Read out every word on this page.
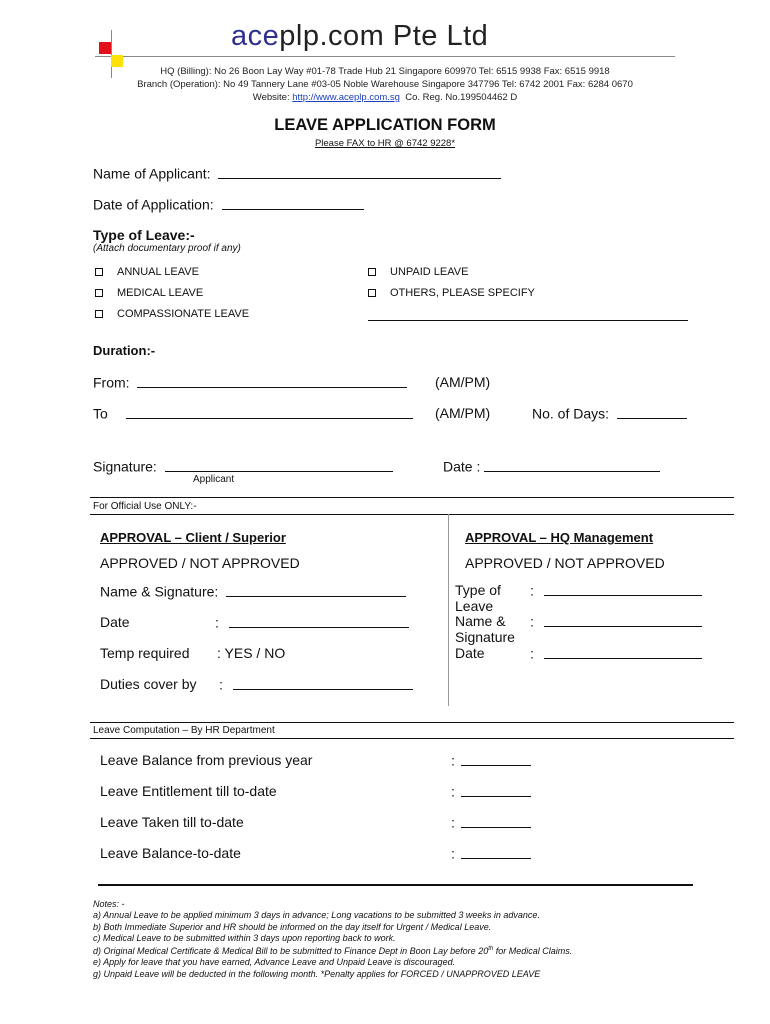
aceplp.com Pte Ltd
HQ (Billing): No 26 Boon Lay Way #01-78 Trade Hub 21 Singapore 609970 Tel: 6515 9938 Fax: 6515 9918
Branch (Operation): No 49 Tannery Lane #03-05 Noble Warehouse Singapore 347796 Tel: 6742 2001 Fax: 6284 0670
Website: http://www.aceplp.com.sg Co. Reg. No.199504462 D
LEAVE APPLICATION FORM
Please FAX to HR @ 6742 9228*
Name of Applicant:
Date of Application:
Type of Leave:-
(Attach documentary proof if any)
ANNUAL LEAVE
MEDICAL LEAVE
COMPASSIONATE LEAVE
UNPAID LEAVE
OTHERS, PLEASE SPECIFY
Duration:-
From:	(AM/PM)
To	(AM/PM)	No. of Days:
Signature:
Applicant
Date :
For Official Use ONLY:-
APPROVAL – Client / Superior
APPROVED / NOT APPROVED
Name & Signature:
Date	:
Temp required : YES / NO
Duties cover by :
APPROVAL – HQ Management
APPROVED / NOT APPROVED
Type of
Leave
:
Name &
Signature
:
Date	:
Leave Computation – By HR Department
Leave Balance from previous year	:
Leave Entitlement till to-date	:
Leave Taken till to-date	:
Leave Balance-to-date	:
Notes: -
a) Annual Leave to be applied minimum 3 days in advance; Long vacations to be submitted 3 weeks in advance.
b) Both Immediate Superior and HR should be informed on the day itself for Urgent / Medical Leave.
c) Medical Leave to be submitted within 3 days upon reporting back to work.
d) Original Medical Certificate & Medical Bill to be submitted to Finance Dept in Boon Lay before 20th for Medical Claims.
e) Apply for leave that you have earned, Advance Leave and Unpaid Leave is discouraged.
g) Unpaid Leave will be deducted in the following month. *Penalty applies for FORCED / UNAPPROVED LEAVE
